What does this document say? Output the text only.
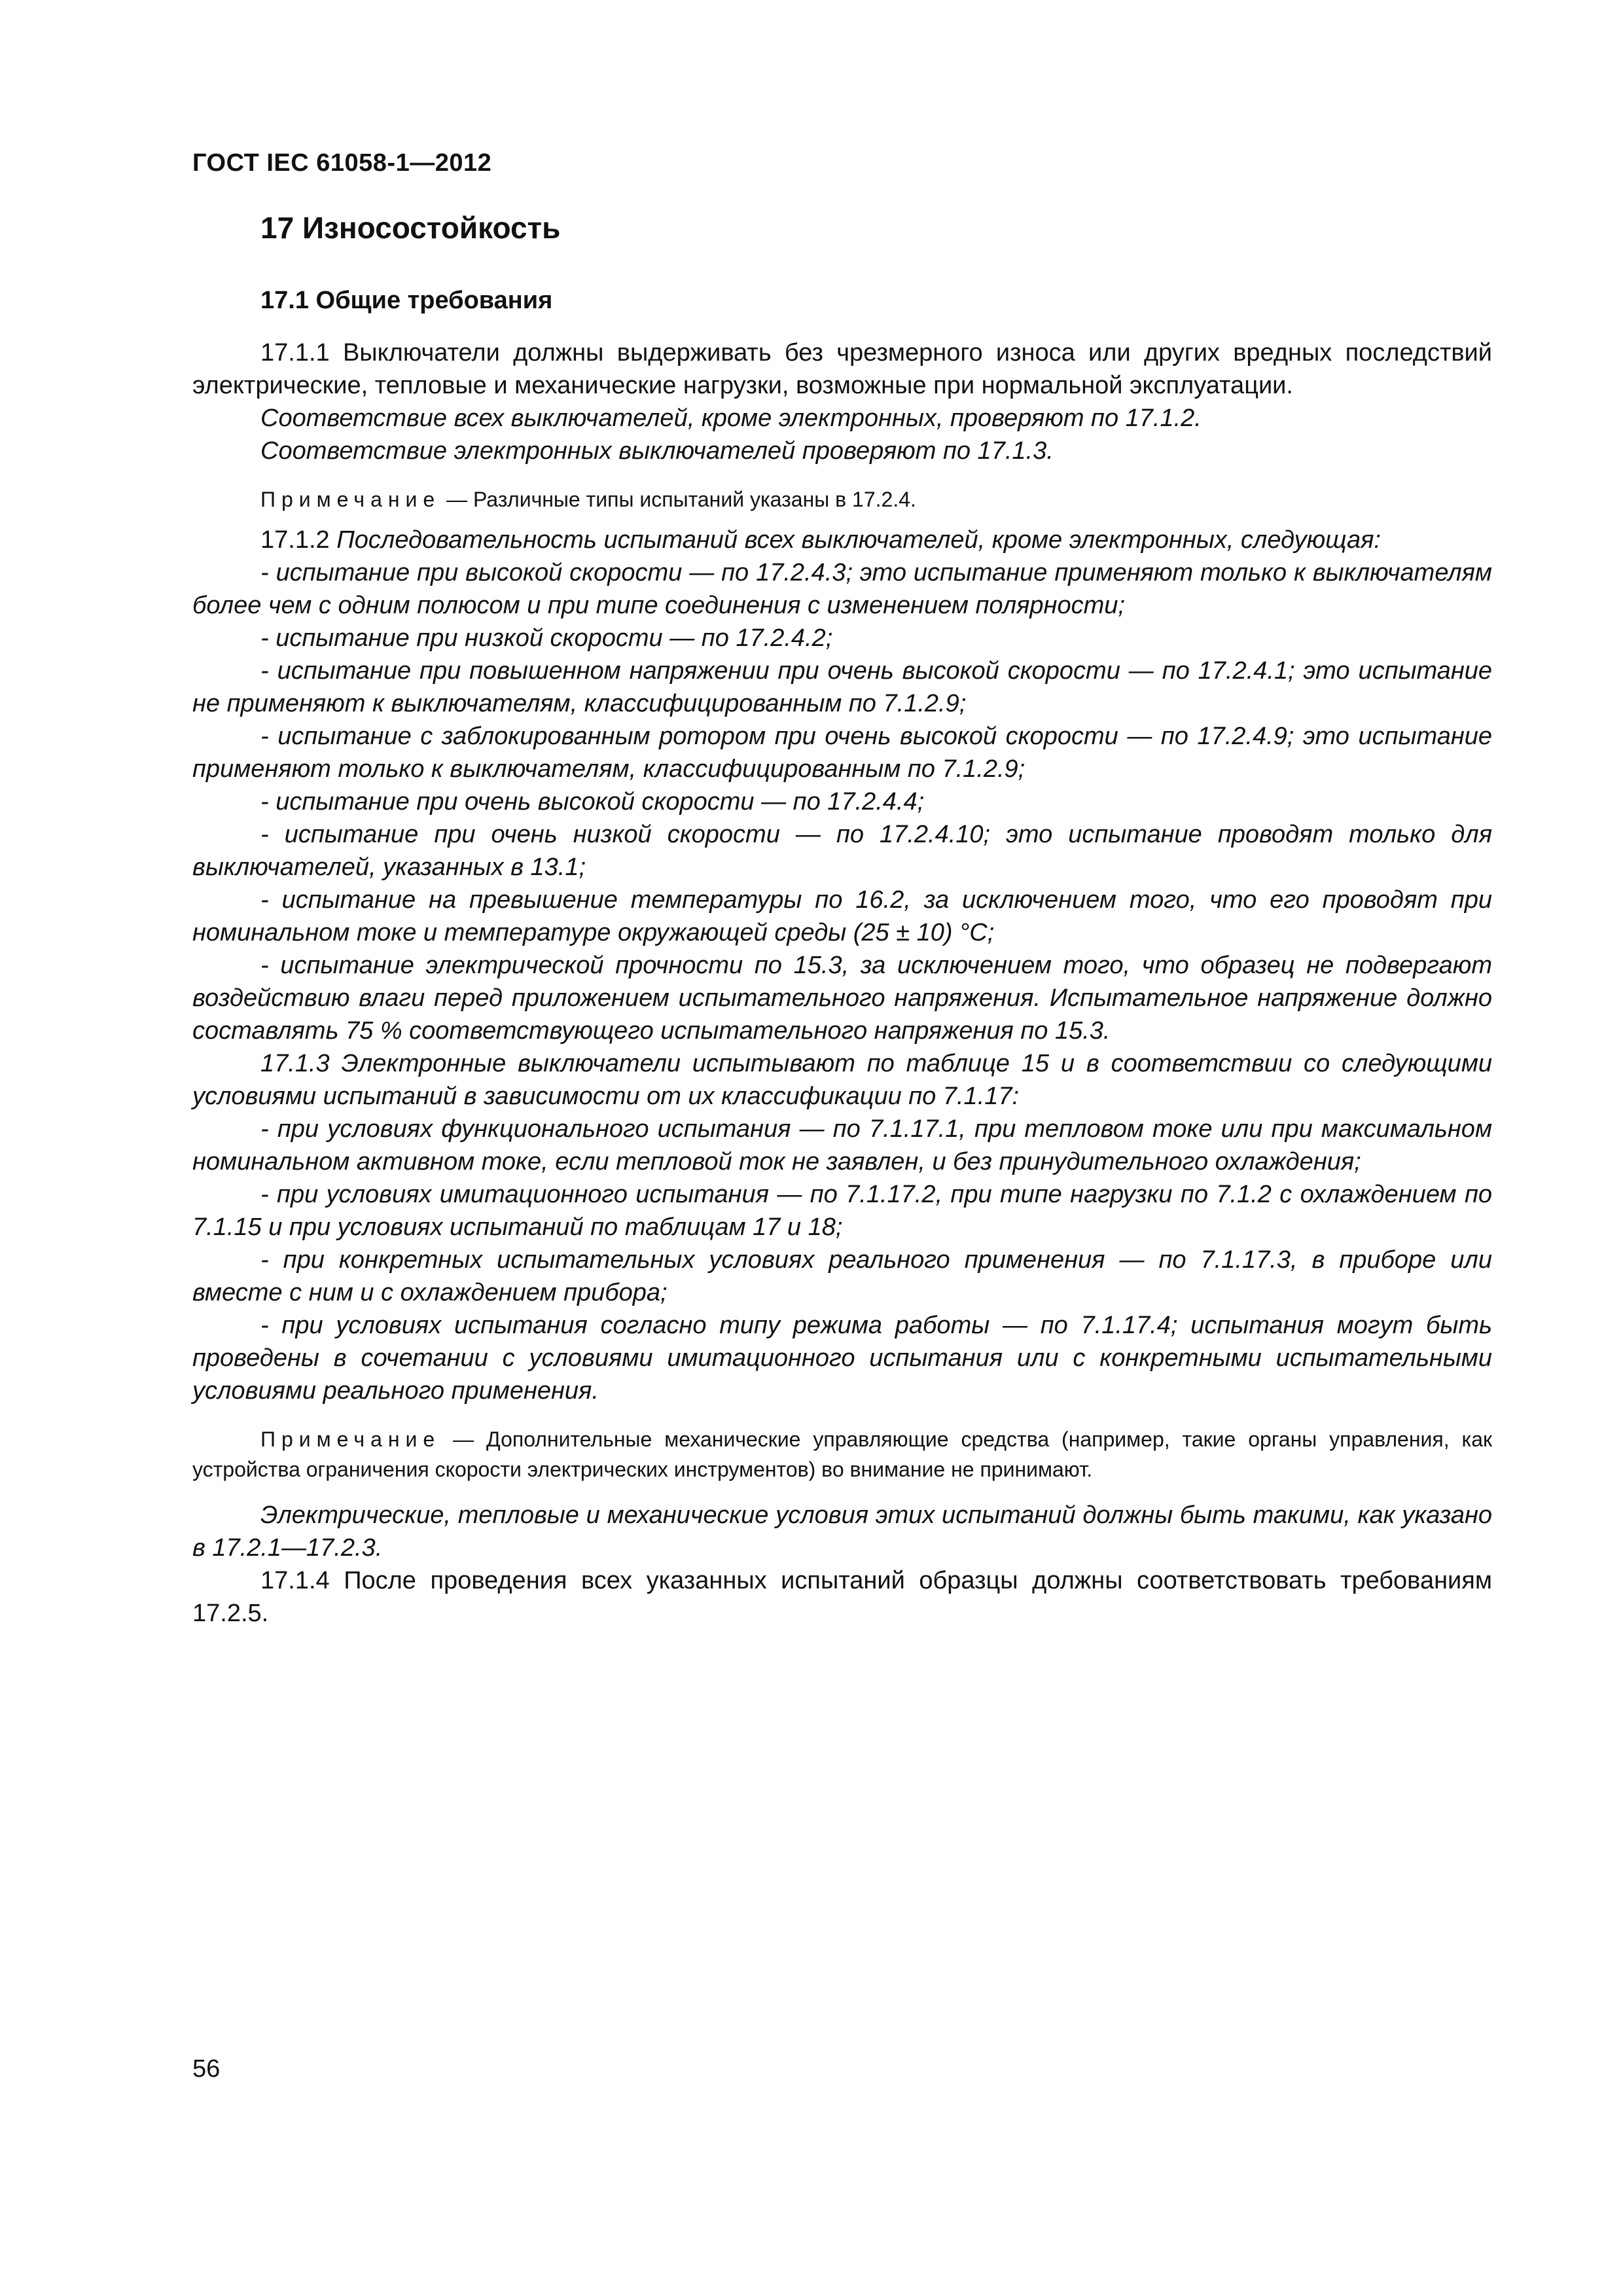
ГОСТ IEC 61058-1—2012
17 Износостойкость
17.1 Общие требования

17.1.1 Выключатели должны выдерживать без чрезмерного износа или других вредных последствий электрические, тепловые и механические нагрузки, возможные при нормальной эксплуатации.

Соответствие всех выключателей, кроме электронных, проверяют по 17.1.2.

Соответствие электронных выключателей проверяют по 17.1.3.

Примечание — Различные типы испытаний указаны в 17.2.4.

17.1.2 Последовательность испытаний всех выключателей, кроме электронных, следующая:

- испытание при высокой скорости — по 17.2.4.3; это испытание применяют только к выключателям более чем с одним полюсом и при типе соединения с изменением полярности;

- испытание при низкой скорости — по 17.2.4.2;

- испытание при повышенном напряжении при очень высокой скорости — по 17.2.4.1; это испытание не применяют к выключателям, классифицированным по 7.1.2.9;

- испытание с заблокированным ротором при очень высокой скорости — по 17.2.4.9; это испытание применяют только к выключателям, классифицированным по 7.1.2.9;

- испытание при очень высокой скорости — по 17.2.4.4;

- испытание при очень низкой скорости — по 17.2.4.10; это испытание проводят только для выключателей, указанных в 13.1;

- испытание на превышение температуры по 16.2, за исключением того, что его проводят при номинальном токе и температуре окружающей среды (25 ± 10) °С;

- испытание электрической прочности по 15.3, за исключением того, что образец не подвергают воздействию влаги перед приложением испытательного напряжения. Испытательное напряжение должно составлять 75 % соответствующего испытательного напряжения по 15.3.

17.1.3 Электронные выключатели испытывают по таблице 15 и в соответствии со следующими условиями испытаний в зависимости от их классификации по 7.1.17:

- при условиях функционального испытания — по 7.1.17.1, при тепловом токе или при максимальном номинальном активном токе, если тепловой ток не заявлен, и без принудительного охлаждения;

- при условиях имитационного испытания — по 7.1.17.2, при типе нагрузки по 7.1.2 с охлаждением по 7.1.15 и при условиях испытаний по таблицам 17 и 18;

- при конкретных испытательных условиях реального применения — по 7.1.17.3, в приборе или вместе с ним и с охлаждением прибора;

- при условиях испытания согласно типу режима работы — по 7.1.17.4; испытания могут быть проведены в сочетании с условиями имитационного испытания или с конкретными испытательными условиями реального применения.

Примечание — Дополнительные механические управляющие средства (например, такие органы управления, как устройства ограничения скорости электрических инструментов) во внимание не принимают.

Электрические, тепловые и механические условия этих испытаний должны быть такими, как указано в 17.2.1—17.2.3.

17.1.4 После проведения всех указанных испытаний образцы должны соответствовать требованиям 17.2.5.

56
